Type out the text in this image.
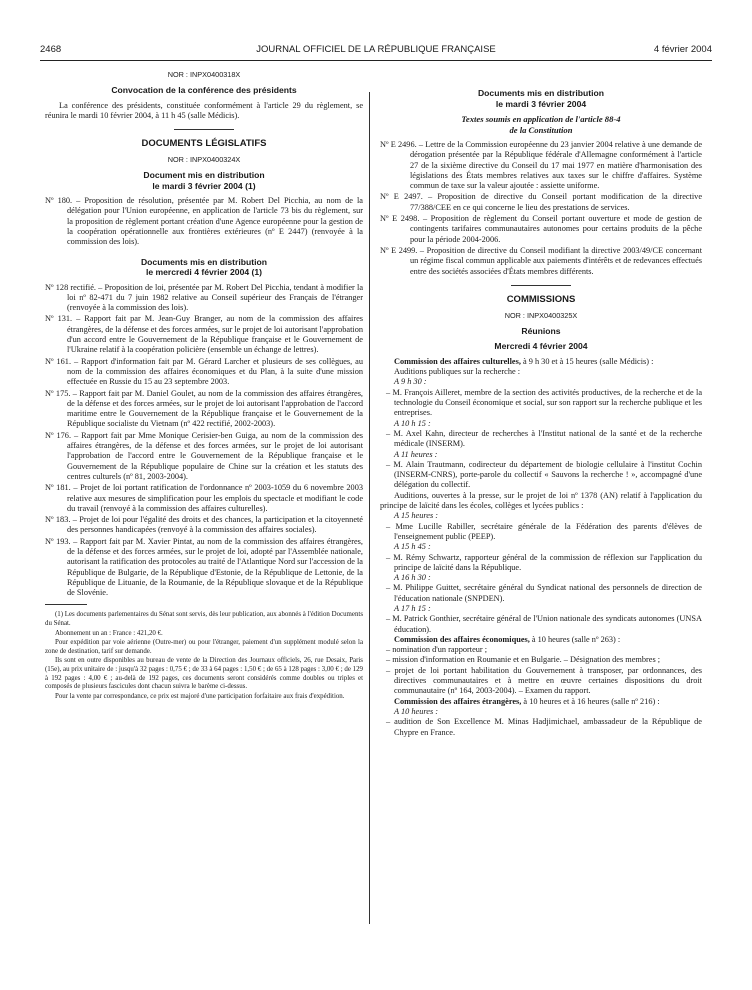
2468	JOURNAL OFFICIEL DE LA RÉPUBLIQUE FRANÇAISE	4 février 2004
NOR : INPX0400318X
Convocation de la conférence des présidents

La conférence des présidents, constituée conformément à l'article 29 du règlement, se réunira le mardi 10 février 2004, à 11 h 45 (salle Médicis).

DOCUMENTS LÉGISLATIFS
NOR : INPX0400324X
Document mis en distribution
le mardi 3 février 2004 (1)
Nº 180. – Proposition de résolution, présentée par M. Robert Del Picchia, au nom de la délégation pour l'Union européenne, en application de l'article 73 bis du règlement, sur la proposition de règlement portant création d'une Agence européenne pour la gestion de la coopération opérationnelle aux frontières extérieures (nº E 2447) (renvoyée à la commission des lois).
Documents mis en distribution
le mercredi 4 février 2004 (1)
Nº 128 rectifié. – Proposition de loi, présentée par M. Robert Del Picchia, tendant à modifier la loi nº 82-471 du 7 juin 1982 relative au Conseil supérieur des Français de l'étranger (renvoyée à la commission des lois).
Nº 131. – Rapport fait par M. Jean-Guy Branger, au nom de la commission des affaires étrangères, de la défense et des forces armées, sur le projet de loi autorisant l'approbation d'un accord entre le Gouvernement de la République française et le Gouvernement de l'Ukraine relatif à la coopération policière (ensemble un échange de lettres).
Nº 161. – Rapport d'information fait par M. Gérard Larcher et plusieurs de ses collègues, au nom de la commission des affaires économiques et du Plan, à la suite d'une mission effectuée en Russie du 15 au 23 septembre 2003.
Nº 175. – Rapport fait par M. Daniel Goulet, au nom de la commission des affaires étrangères, de la défense et des forces armées, sur le projet de loi autorisant l'approbation de l'accord maritime entre le Gouvernement de la République française et le Gouvernement de la République socialiste du Vietnam (nº 422 rectifié, 2002-2003).
Nº 176. – Rapport fait par Mme Monique Cerisier-ben Guiga, au nom de la commission des affaires étrangères, de la défense et des forces armées, sur le projet de loi autorisant l'approbation de l'accord entre le Gouvernement de la République française et le Gouvernement de la République populaire de Chine sur la création et les statuts des centres culturels (nº 81, 2003-2004).
Nº 181. – Projet de loi portant ratification de l'ordonnance nº 2003-1059 du 6 novembre 2003 relative aux mesures de simplification pour les emplois du spectacle et modifiant le code du travail (renvoyé à la commission des affaires culturelles).
Nº 183. – Projet de loi pour l'égalité des droits et des chances, la participation et la citoyenneté des personnes handicapées (renvoyé à la commission des affaires sociales).
Nº 193. – Rapport fait par M. Xavier Pintat, au nom de la commission des affaires étrangères, de la défense et des forces armées, sur le projet de loi, adopté par l'Assemblée nationale, autorisant la ratification des protocoles au traité de l'Atlantique Nord sur l'accession de la République de Bulgarie, de la République d'Estonie, de la République de Lettonie, de la République de Lituanie, de la Roumanie, de la République slovaque et de la République de Slovénie.

(1) Les documents parlementaires du Sénat sont servis, dès leur publication, aux abonnés à l'édition Documents du Sénat.

Abonnement un an : France : 421,20 €.

Pour expédition par voie aérienne (Outre-mer) ou pour l'étranger, paiement d'un supplément modulé selon la zone de destination, tarif sur demande.

Ils sont en outre disponibles au bureau de vente de la Direction des Journaux officiels, 26, rue Desaix, Paris (15e), au prix unitaire de : jusqu'à 32 pages : 0,75 € ; de 33 à 64 pages : 1,50 € ; de 65 à 128 pages : 3,00 € ; de 129 à 192 pages : 4,00 € ; au-delà de 192 pages, ces documents seront considérés comme doubles ou triples et composés de plusieurs fascicules dont chacun suivra le barème ci-dessus.

Pour la vente par correspondance, ce prix est majoré d'une participation forfaitaire aux frais d'expédition.

Documents mis en distribution
le mardi 3 février 2004
Textes soumis en application de l'article 88-4
de la Constitution
Nº E 2496. – Lettre de la Commission européenne du 23 janvier 2004 relative à une demande de dérogation présentée par la République fédérale d'Allemagne conformément à l'article 27 de la sixième directive du Conseil du 17 mai 1977 en matière d'harmonisation des législations des États membres relatives aux taxes sur le chiffre d'affaires. Système commun de taxe sur la valeur ajoutée : assiette uniforme.
Nº E 2497. – Proposition de directive du Conseil portant modification de la directive 77/388/CEE en ce qui concerne le lieu des prestations de services.
Nº E 2498. – Proposition de règlement du Conseil portant ouverture et mode de gestion de contingents tarifaires communautaires autonomes pour certains produits de la pêche pour la période 2004-2006.
Nº E 2499. – Proposition de directive du Conseil modifiant la directive 2003/49/CE concernant un régime fiscal commun applicable aux paiements d'intérêts et de redevances effectués entre des sociétés associées d'États membres différents.
COMMISSIONS
NOR : INPX0400325X
Réunions
Mercredi 4 février 2004

Commission des affaires culturelles, à 9 h 30 et à 15 heures (salle Médicis) :

Auditions publiques sur la recherche :

A 9 h 30 :
– M. François Ailleret, membre de la section des activités productives, de la recherche et de la technologie du Conseil économique et social, sur son rapport sur la recherche publique et les entreprises.
A 10 h 15 :
– M. Axel Kahn, directeur de recherches à l'Institut national de la santé et de la recherche médicale (INSERM).
A 11 heures :
– M. Alain Trautmann, codirecteur du département de biologie cellulaire à l'institut Cochin (INSERM-CNRS), porte-parole du collectif « Sauvons la recherche ! », accompagné d'une délégation du collectif.

Auditions, ouvertes à la presse, sur le projet de loi nº 1378 (AN) relatif à l'application du principe de laïcité dans les écoles, collèges et lycées publics :

A 15 heures :
– Mme Lucille Rabiller, secrétaire générale de la Fédération des parents d'élèves de l'enseignement public (PEEP).
A 15 h 45 :
– M. Rémy Schwartz, rapporteur général de la commission de réflexion sur l'application du principe de laïcité dans la République.
A 16 h 30 :
– M. Philippe Guittet, secrétaire général du Syndicat national des personnels de direction de l'éducation nationale (SNPDEN).
A 17 h 15 :
– M. Patrick Gonthier, secrétaire général de l'Union nationale des syndicats autonomes (UNSA éducation).

Commission des affaires économiques, à 10 heures (salle nº 263) :

– nomination d'un rapporteur ;
– mission d'information en Roumanie et en Bulgarie. – Désignation des membres ;
– projet de loi portant habilitation du Gouvernement à transposer, par ordonnances, des directives communautaires et à mettre en œuvre certaines dispositions du droit communautaire (nº 164, 2003-2004). – Examen du rapport.

Commission des affaires étrangères, à 10 heures et à 16 heures (salle nº 216) :

A 10 heures :
– audition de Son Excellence M. Minas Hadjimichael, ambassadeur de la République de Chypre en France.
